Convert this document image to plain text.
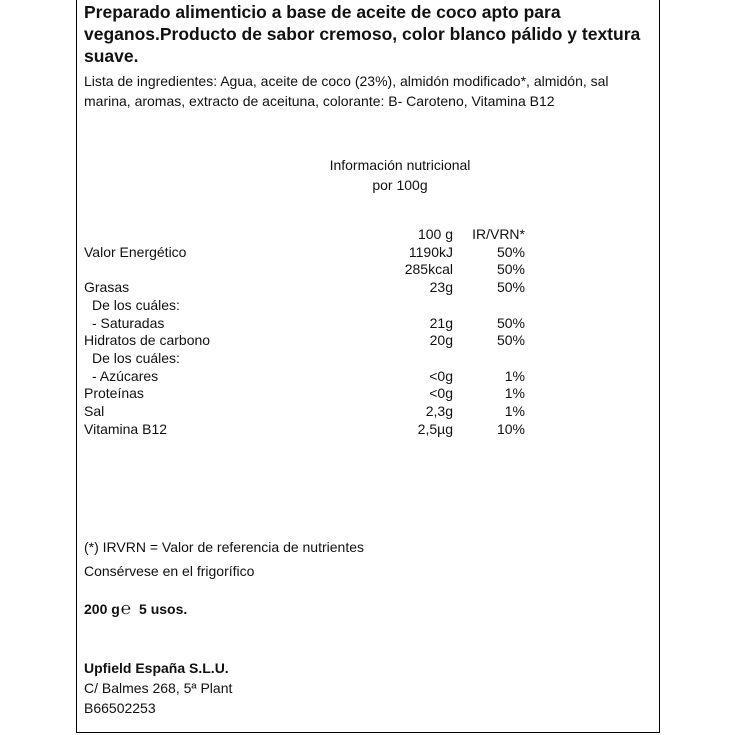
Preparado alimenticio a base de aceite de coco apto para veganos.Producto de sabor cremoso, color blanco pálido y textura suave.

Lista de ingredientes: Agua, aceite de coco (23%), almidón modificado*, almidón, sal marina, aromas, extracto de aceituna, colorante: B- Caroteno, Vitamina B12

Información nutricional
por 100g
	100 g	IR/VRN*
Valor Energético	1190kJ	50%
	285kcal	50%
Grasas	23g	50%
De los cuáles:		
- Saturadas	21g	50%
Hidratos de carbono	20g	50%
De los cuáles:		
- Azúcares	<0g	1%
Proteínas	<0g	1%
Sal	2,3g	1%
Vitamina B12	2,5µg	10%
(*) IRVRN = Valor de referencia de nutrientes
Consérvese en el frigorífico
200 g℮ 5 usos.
Upfield España S.L.U.
C/ Balmes 268, 5ª Plant
B66502253
